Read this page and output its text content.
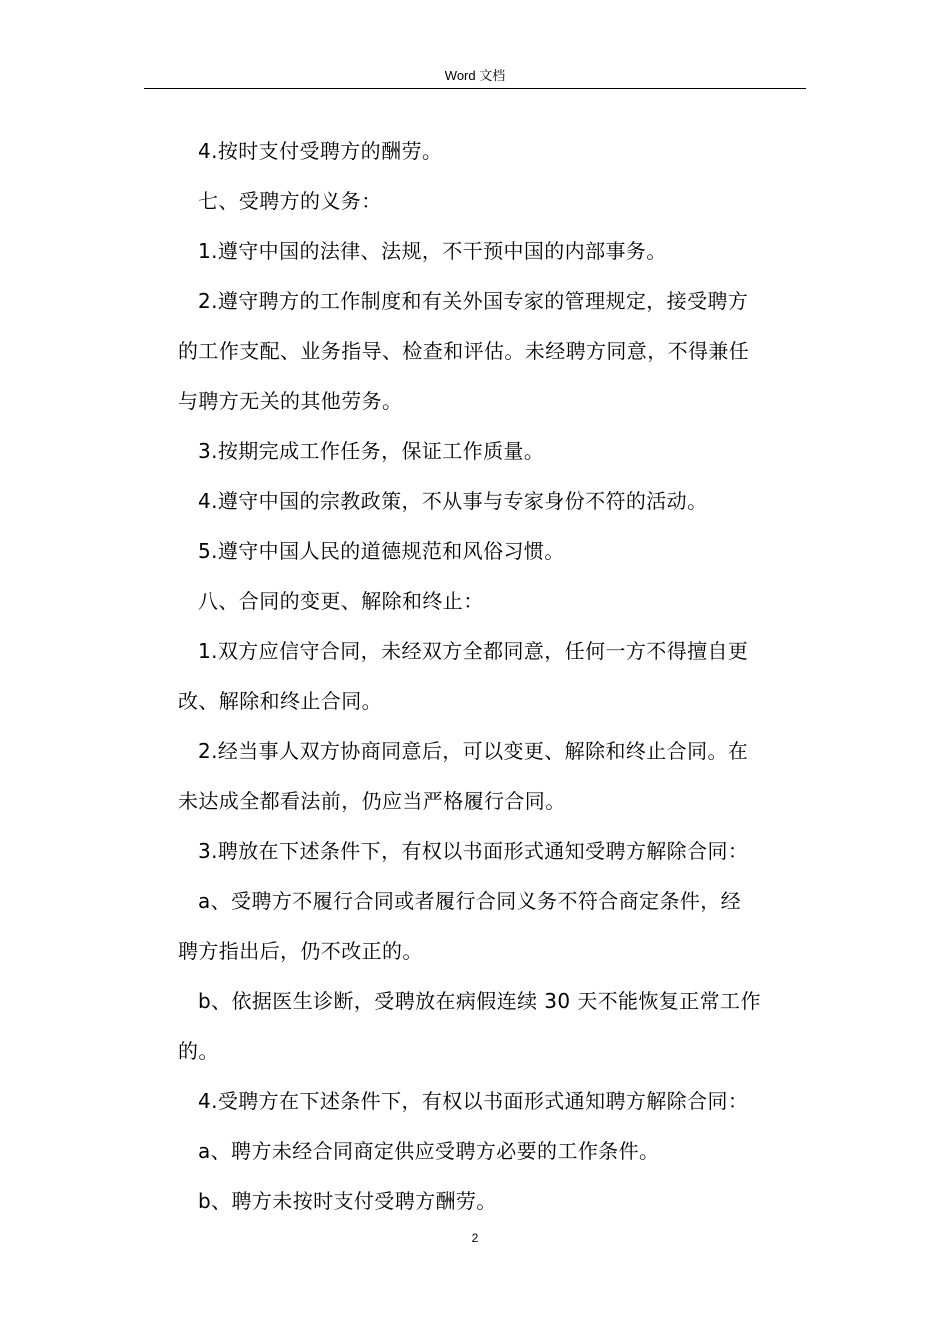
Word 文档

4.按时支付受聘方的酬劳。

七、受聘方的义务：

1.遵守中国的法律、法规，不干预中国的内部事务。

2.遵守聘方的工作制度和有关外国专家的管理规定，接受聘方

的工作支配、业务指导、检查和评估。未经聘方同意，不得兼任

与聘方无关的其他劳务。

3.按期完成工作任务，保证工作质量。

4.遵守中国的宗教政策，不从事与专家身份不符的活动。

5.遵守中国人民的道德规范和风俗习惯。

八、合同的变更、解除和终止：

1.双方应信守合同，未经双方全都同意，任何一方不得擅自更

改、解除和终止合同。

2.经当事人双方协商同意后，可以变更、解除和终止合同。在

未达成全都看法前，仍应当严格履行合同。

3.聘放在下述条件下，有权以书面形式通知受聘方解除合同：

a、受聘方不履行合同或者履行合同义务不符合商定条件，经

聘方指出后，仍不改正的。

b、依据医生诊断，受聘放在病假连续 30 天不能恢复正常工作

的。

4.受聘方在下述条件下，有权以书面形式通知聘方解除合同：

a、聘方未经合同商定供应受聘方必要的工作条件。

b、聘方未按时支付受聘方酬劳。

2
